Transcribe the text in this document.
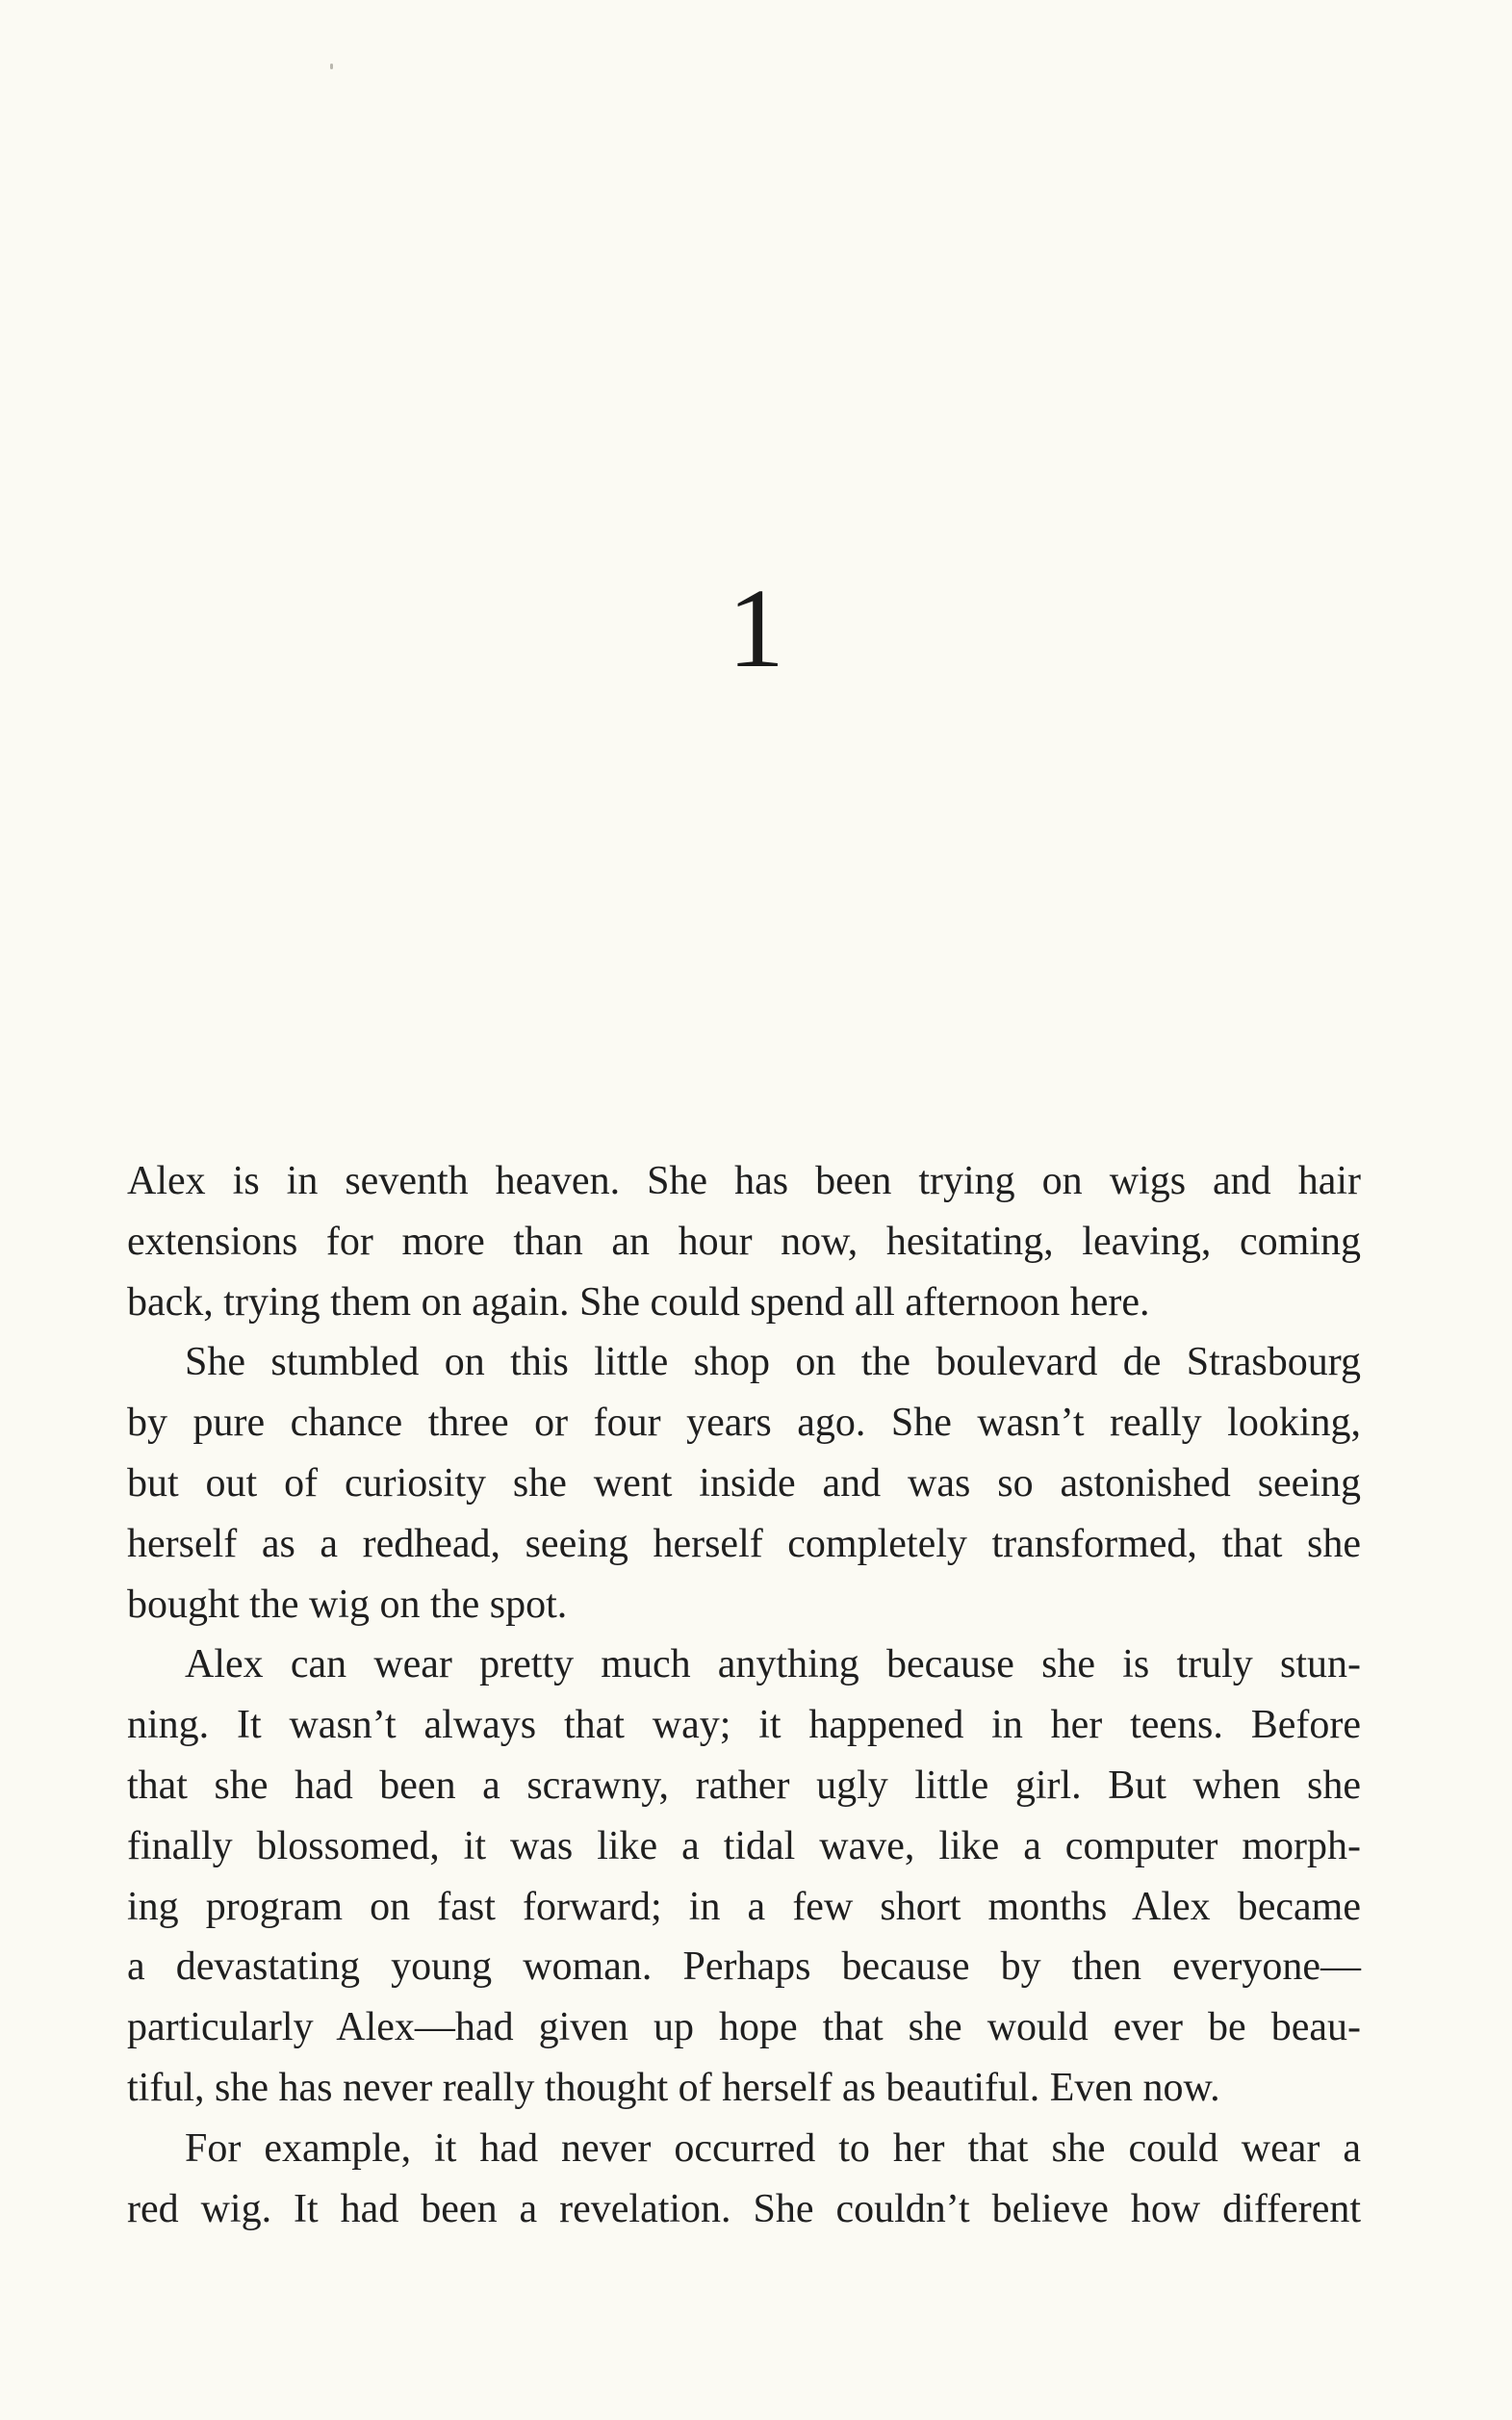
1
Alex is in seventh heaven. She has been trying on wigs and hair
extensions for more than an hour now, hesitating, leaving, coming
back, trying them on again. She could spend all afternoon here.
She stumbled on this little shop on the boulevard de Strasbourg
by pure chance three or four years ago. She wasn’t really looking,
but out of curiosity she went inside and was so astonished seeing
herself as a redhead, seeing herself completely transformed, that she
bought the wig on the spot.
Alex can wear pretty much anything because she is truly stun-
ning. It wasn’t always that way; it happened in her teens. Before
that she had been a scrawny, rather ugly little girl. But when she
finally blossomed, it was like a tidal wave, like a computer morph-
ing program on fast forward; in a few short months Alex became
a devastating young woman. Perhaps because by then everyone—
particularly Alex—had given up hope that she would ever be beau-
tiful, she has never really thought of herself as beautiful. Even now.
For example, it had never occurred to her that she could wear a
red wig. It had been a revelation. She couldn’t believe how different
